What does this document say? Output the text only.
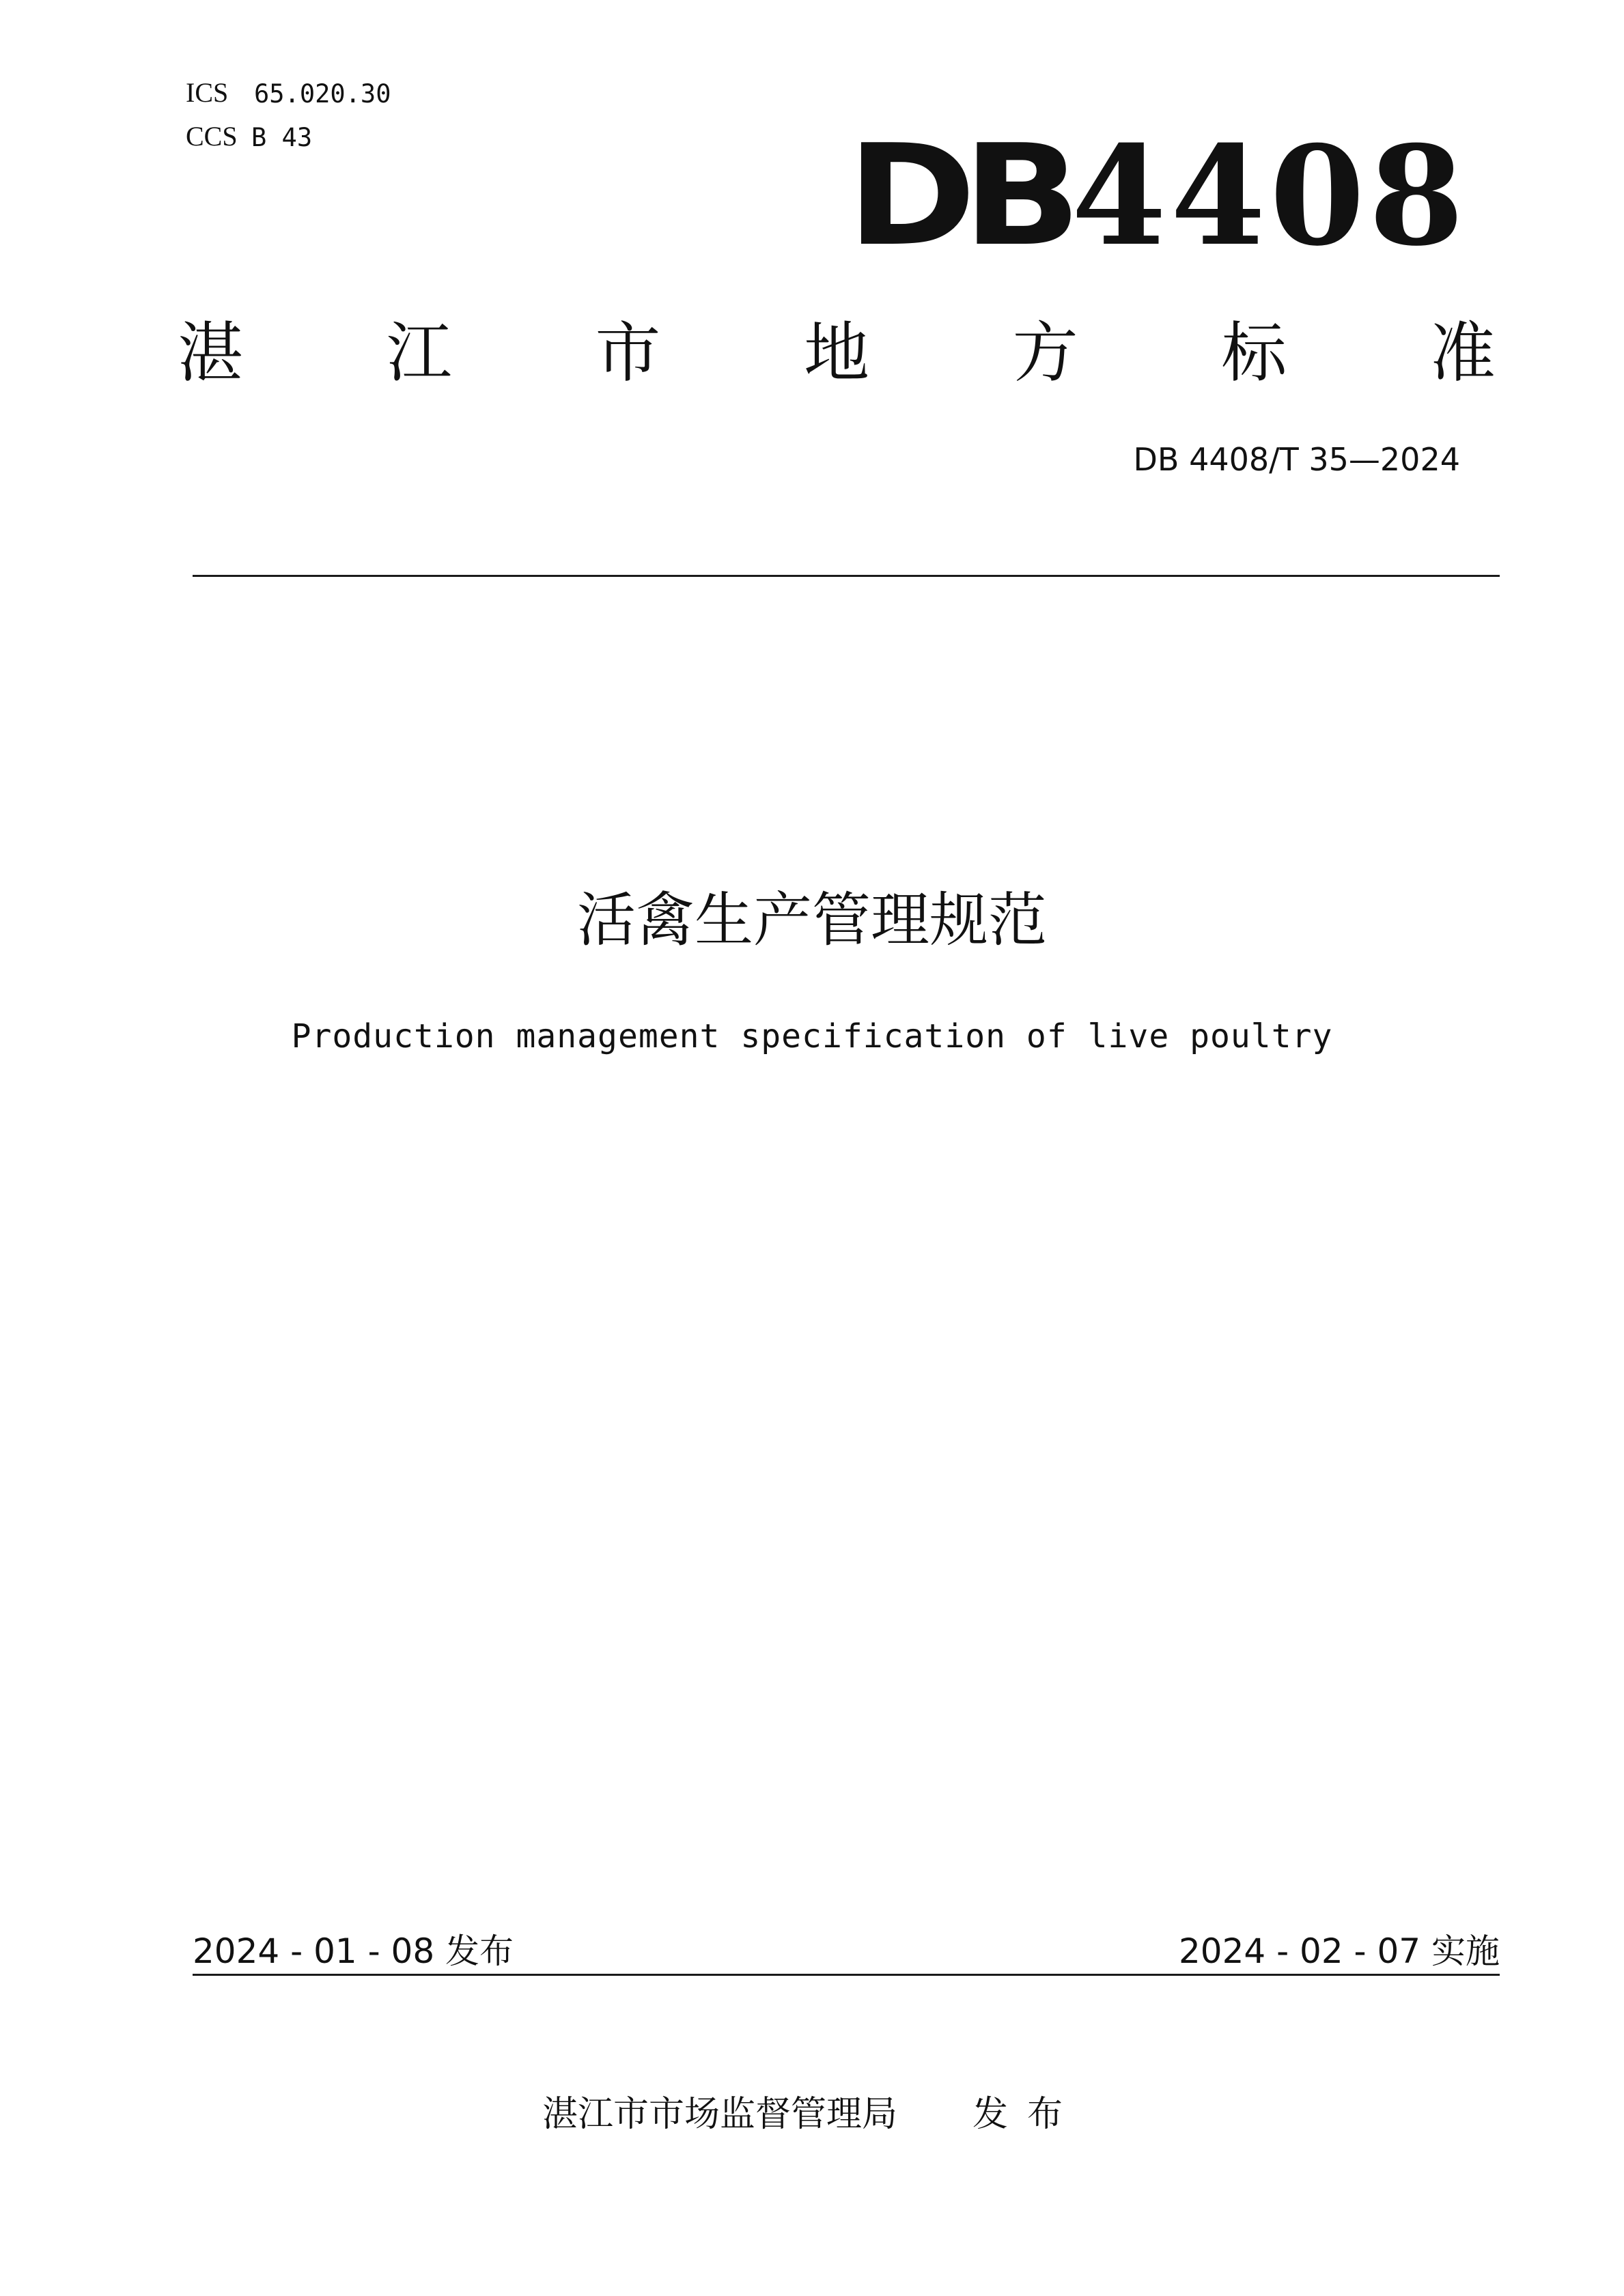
ICS 65.020.30
CCS B 43	DB 4408
湛 江 市 地 方 标 准
DB 4408/T 35—2024
活禽生产管理规范
Production management specification of live poultry
2024 - 01 - 08 发布	2024 - 02 - 07 实施
湛江市市场监督管理局 发布
